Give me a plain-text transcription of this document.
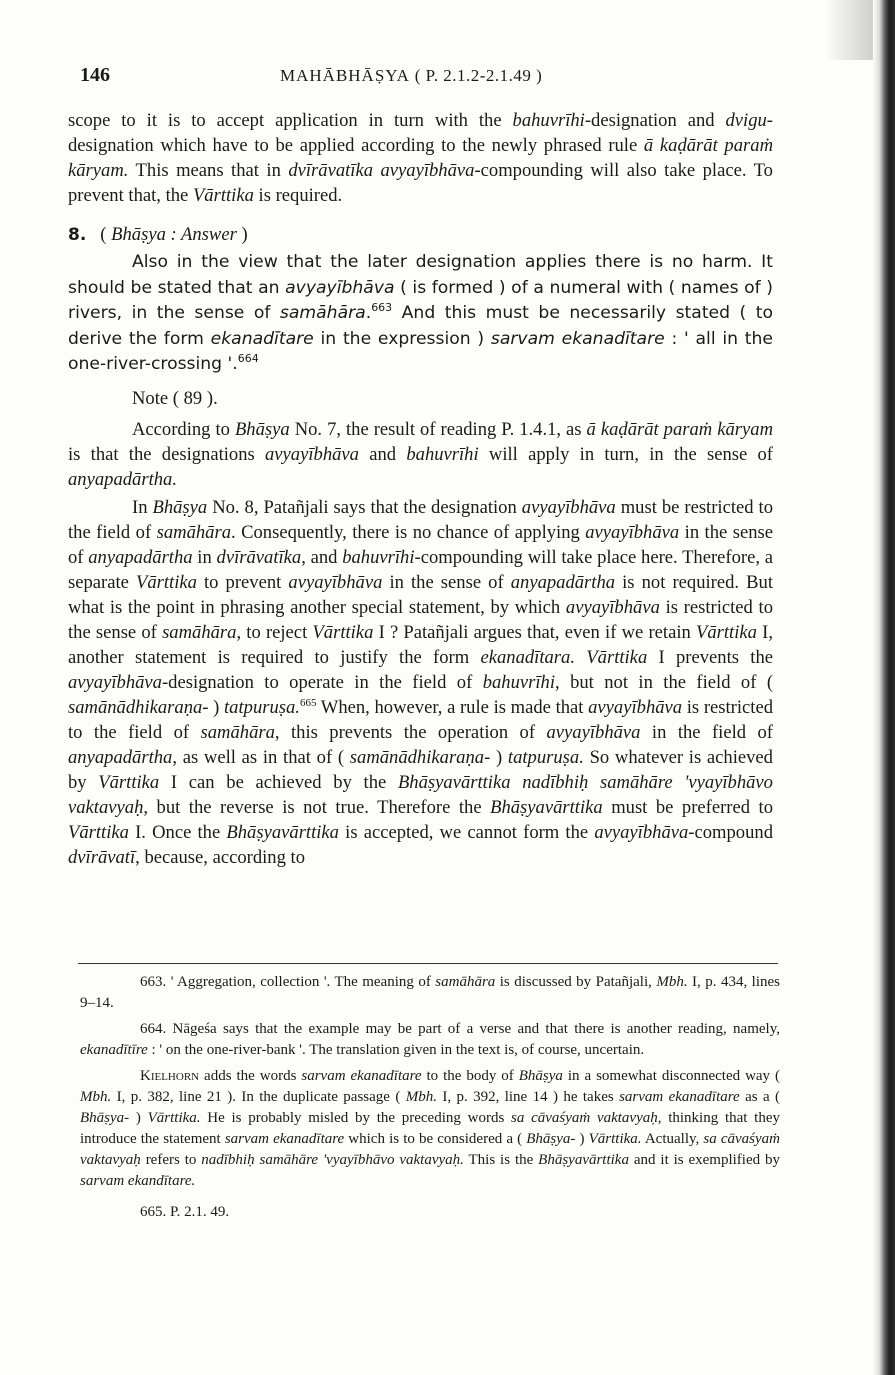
146	MAHĀBHĀṢYA ( P. 2.1.2-2.1.49 )

scope to it is to accept application in turn with the bahuvrīhi-designation and dvigu-designation which have to be applied according to the newly phrased rule ā kaḍārāt paraṁ kāryam. This means that in dvīrāvatīka avyayībhāva-compounding will also take place. To prevent that, the Vārttika is required.

8. ( Bhāṣya : Answer )

Also in the view that the later designation applies there is no harm. It should be stated that an avyayībhāva ( is formed ) of a numeral with ( names of ) rivers, in the sense of samāhāra.$^{663}$ And this must be necessarily stated ( to derive the form ekanadītare in the expression ) sarvam ekanadītare : ' all in the one-river-crossing '.$^{664}$

Note ( 89 ).

According to Bhāṣya No. 7, the result of reading P. 1.4.1, as ā kaḍārāt paraṁ kāryam is that the designations avyayībhāva and bahuvrīhi will apply in turn, in the sense of anyapadārtha.

In Bhāṣya No. 8, Patañjali says that the designation avyayībhāva must be restricted to the field of samāhāra. Consequently, there is no chance of applying avyayībhāva in the sense of anyapadārtha in dvīrāvatīka, and bahuvrīhi-compounding will take place here. Therefore, a separate Vārttika to prevent avyayībhāva in the sense of anyapadārtha is not required. But what is the point in phrasing another special statement, by which avyayībhāva is restricted to the sense of samāhāra, to reject Vārttika I ? Patañjali argues that, even if we retain Vārttika I, another statement is required to justify the form ekanadītara. Vārttika I prevents the avyayībhāva-designation to operate in the field of bahuvrīhi, but not in the field of ( samānādhikaraṇa- ) tatpuruṣa.$^{665}$ When, however, a rule is made that avyayībhāva is restricted to the field of samāhāra, this prevents the operation of avyayībhāva in the field of anyapadārtha, as well as in that of ( samānādhikaraṇa- ) tatpuruṣa. So whatever is achieved by Vārttika I can be achieved by the Bhāṣyavārttika nadībhiḥ samāhāre 'vyayībhāvo vaktavyaḥ, but the reverse is not true. Therefore the Bhāṣyavārttika must be preferred to Vārttika I. Once the Bhāṣyavārttika is accepted, we cannot form the avyayībhāva-compound dvīrāvatī, because, according to

663. ' Aggregation, collection '. The meaning of samāhāra is discussed by Patañjali, Mbh. I, p. 434, lines 9–14.

664. Nāgeśa says that the example may be part of a verse and that there is another reading, namely, ekanadītīre : ' on the one-river-bank '. The translation given in the text is, of course, uncertain.

Kielhorn adds the words sarvam ekanadītare to the body of Bhāṣya in a somewhat disconnected way ( Mbh. I, p. 382, line 21 ). In the duplicate passage ( Mbh. I, p. 392, line 14 ) he takes sarvam ekanadītare as a ( Bhāṣya- ) Vārttika. He is probably misled by the preceding words sa cāvaśyaṁ vaktavyaḥ, thinking that they introduce the statement sarvam ekanadītare which is to be considered a ( Bhāṣya- ) Vārttika. Actually, sa cāvaśyaṁ vaktavyaḥ refers to nadībhiḥ samāhāre 'vyayībhāvo vaktavyaḥ. This is the Bhāṣyavārttika and it is exemplified by sarvam ekandītare.

665. P. 2.1. 49.
